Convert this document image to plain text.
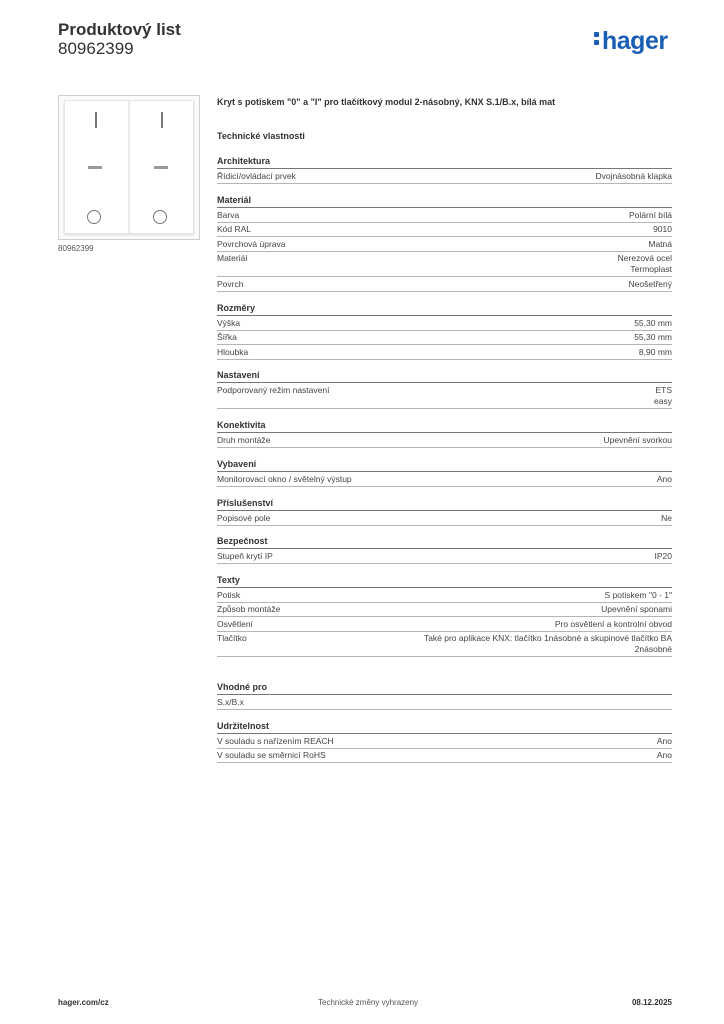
Produktový list
80962399	hager
80962399
Kryt s potiskem "0" a "I" pro tlačítkový modul 2-násobný, KNX S.1/B.x, bílá mat
Technické vlastnosti
Architektura
Řídicí/ovládací prvek	Dvojnásobná klapka
Materiál
Barva	Polární bílá
Kód RAL	9010
Povrchová úprava	Matná
Materiál	Nerezová ocel
Termoplast
Povrch	Neošetřený
Rozměry
Výška	55,30 mm
Šířka	55,30 mm
Hloubka	8,90 mm
Nastavení
Podporovaný režim nastavení	ETS
easy
Konektivita
Druh montáže	Upevnění svorkou
Vybavení
Monitorovací okno / světelný výstup	Ano
Příslušenství
Popisové pole	Ne
Bezpečnost
Stupeň krytí IP	IP20
Texty
Potisk	S potiskem "0 - 1"
Způsob montáže	Upevnění sponami
Osvětlení	Pro osvětlení a kontrolní obvod
Tlačítko	Také pro aplikace KNX: tlačítko 1násobné a skupinové tlačítko BA
2násobné
Vhodné pro
S.x/B.x
Udržitelnost
V souladu s nařízením REACH	Ano
V souladu se směrnicí RoHS	Ano
hager.com/cz	Technické změny vyhrazeny	08.12.2025
